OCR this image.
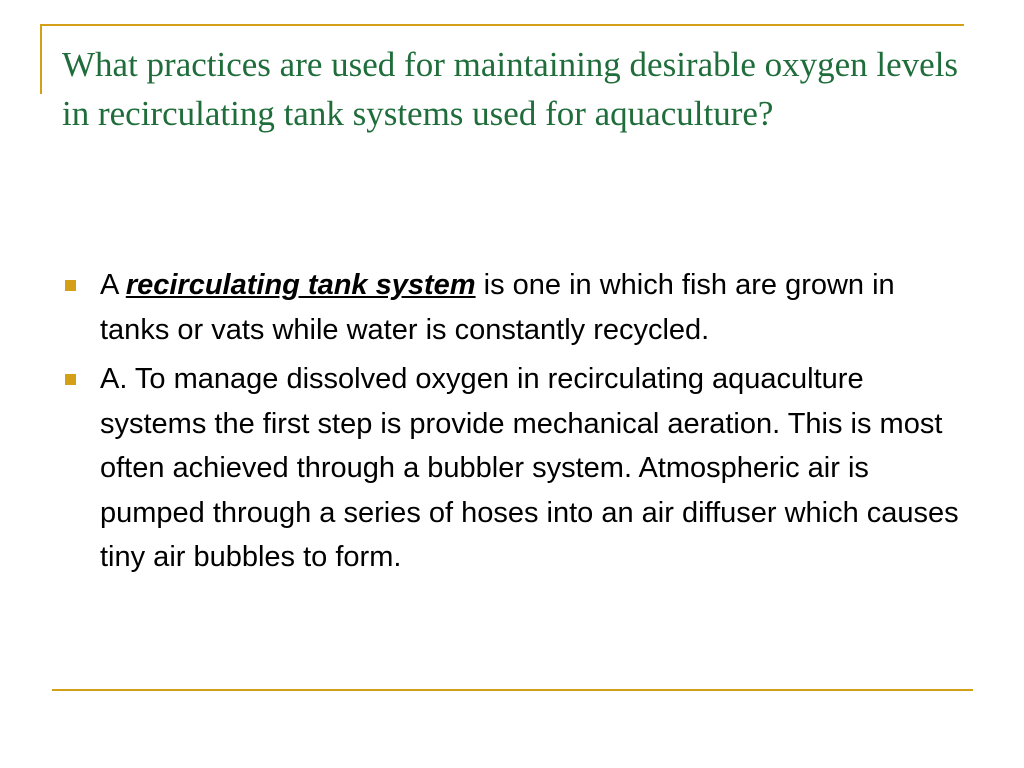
What practices are used for maintaining desirable oxygen levels in recirculating tank systems used for aquaculture?
A recirculating tank system is one in which fish are grown in tanks or vats while water is constantly recycled.
A. To manage dissolved oxygen in recirculating aquaculture systems the first step is provide mechanical aeration. This is most often achieved through a bubbler system. Atmospheric air is pumped through a series of hoses into an air diffuser which causes tiny air bubbles to form.
